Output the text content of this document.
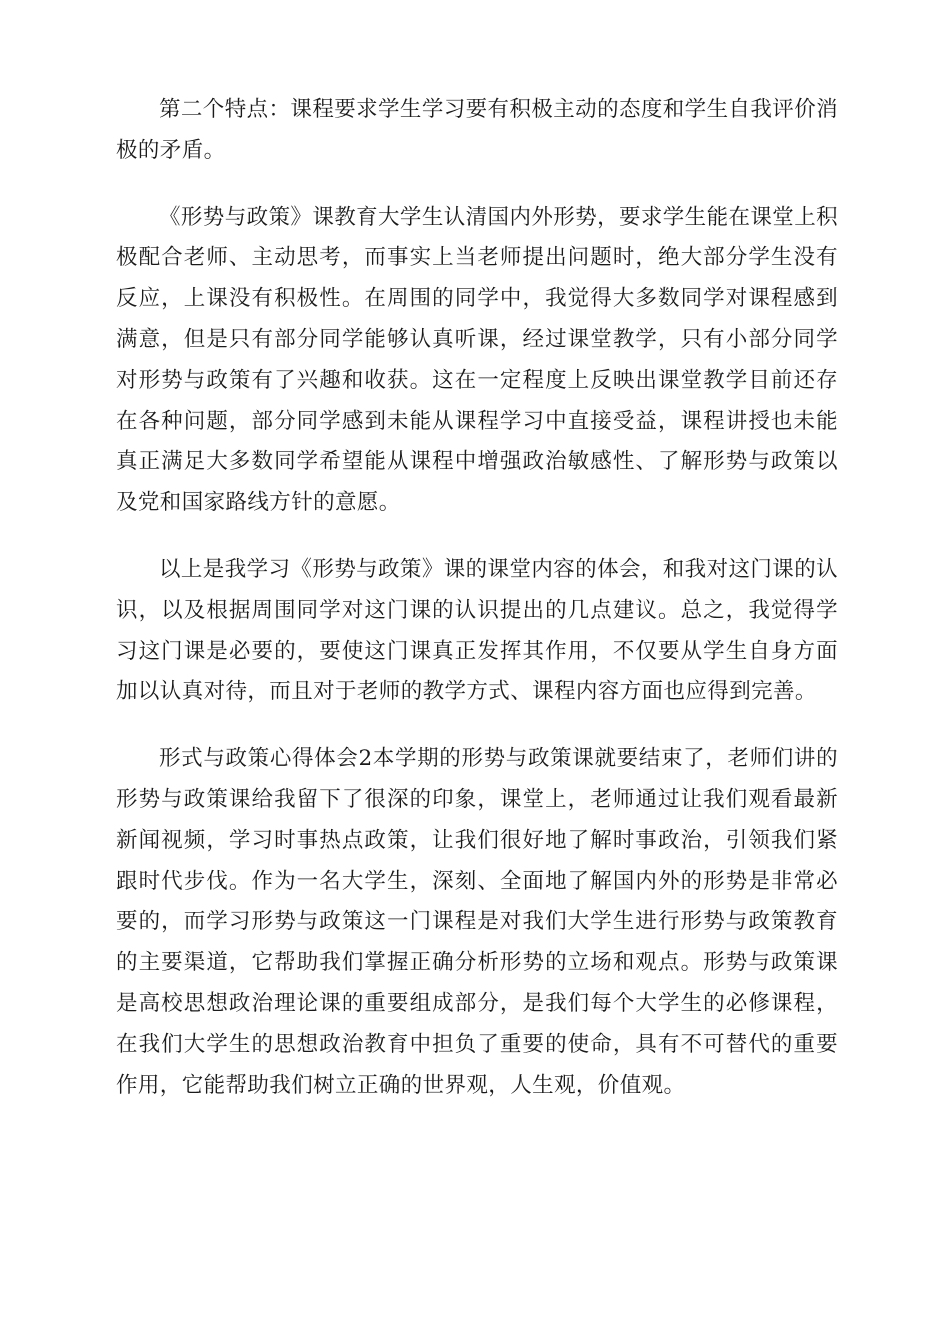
第二个特点：课程要求学生学习要有积极主动的态度和学生自我评价消极的矛盾。

《形势与政策》课教育大学生认清国内外形势，要求学生能在课堂上积极配合老师、主动思考，而事实上当老师提出问题时，绝大部分学生没有反应，上课没有积极性。在周围的同学中，我觉得大多数同学对课程感到满意，但是只有部分同学能够认真听课，经过课堂教学，只有小部分同学对形势与政策有了兴趣和收获。这在一定程度上反映出课堂教学目前还存在各种问题，部分同学感到未能从课程学习中直接受益，课程讲授也未能真正满足大多数同学希望能从课程中增强政治敏感性、了解形势与政策以及党和国家路线方针的意愿。

以上是我学习《形势与政策》课的课堂内容的体会，和我对这门课的认识，以及根据周围同学对这门课的认识提出的几点建议。总之，我觉得学习这门课是必要的，要使这门课真正发挥其作用，不仅要从学生自身方面加以认真对待，而且对于老师的教学方式、课程内容方面也应得到完善。

形式与政策心得体会2本学期的形势与政策课就要结束了，老师们讲的形势与政策课给我留下了很深的印象，课堂上，老师通过让我们观看最新新闻视频，学习时事热点政策，让我们很好地了解时事政治，引领我们紧跟时代步伐。作为一名大学生，深刻、全面地了解国内外的形势是非常必要的，而学习形势与政策这一门课程是对我们大学生进行形势与政策教育的主要渠道，它帮助我们掌握正确分析形势的立场和观点。形势与政策课是高校思想政治理论课的重要组成部分，是我们每个大学生的必修课程，在我们大学生的思想政治教育中担负了重要的使命，具有不可替代的重要作用，它能帮助我们树立正确的世界观，人生观，价值观。
